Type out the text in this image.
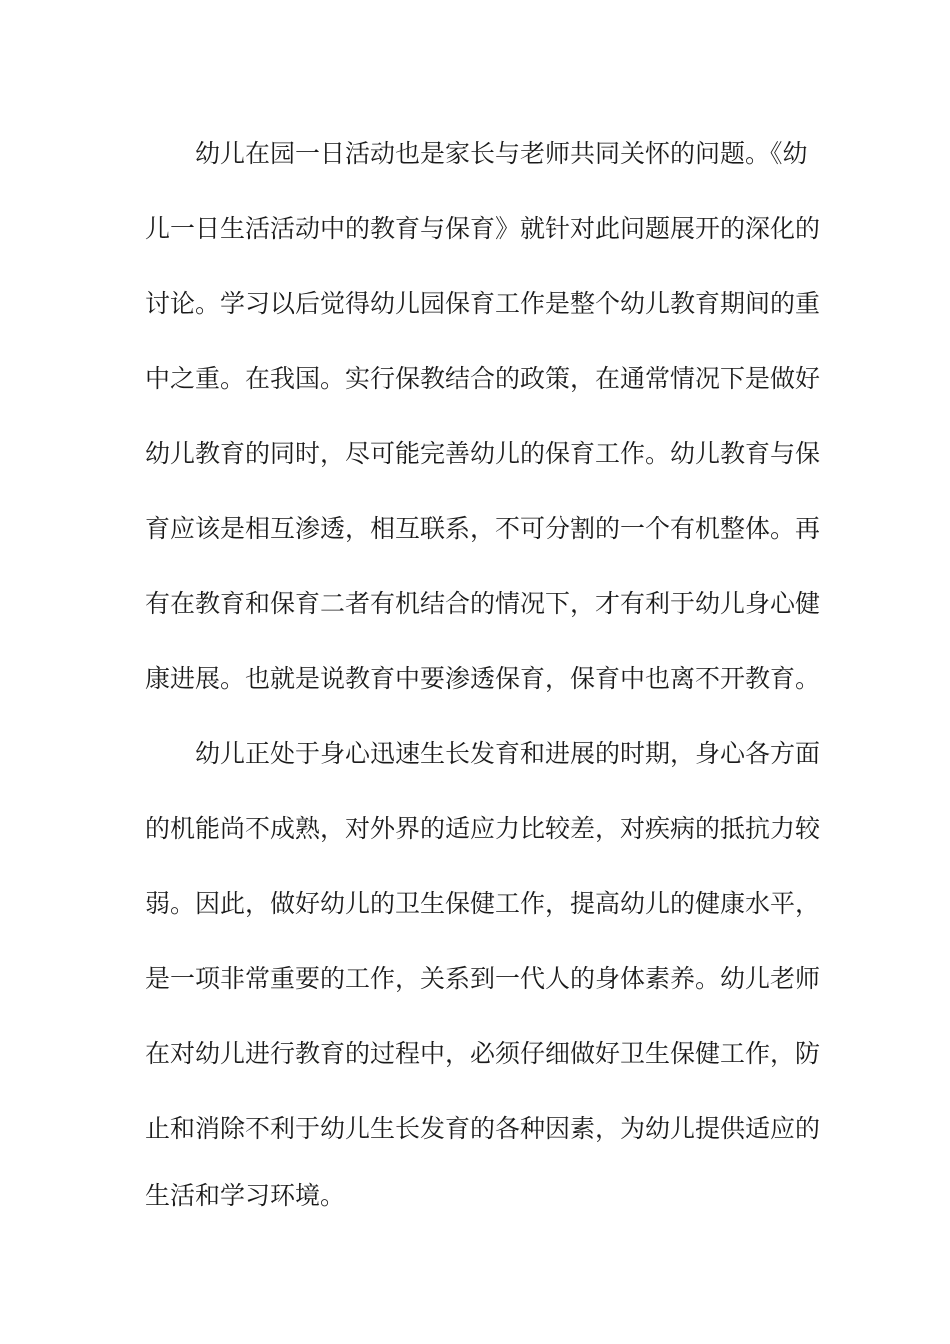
幼儿在园一日活动也是家长与老师共同关怀的问题。《幼
儿一日生活活动中的教育与保育》就针对此问题展开的深化的
讨论。学习以后觉得幼儿园保育工作是整个幼儿教育期间的重
中之重。在我国。实行保教结合的政策，在通常情况下是做好
幼儿教育的同时，尽可能完善幼儿的保育工作。幼儿教育与保
育应该是相互渗透，相互联系，不可分割的一个有机整体。再
有在教育和保育二者有机结合的情况下，才有利于幼儿身心健
康进展。也就是说教育中要渗透保育，保育中也离不开教育。
幼儿正处于身心迅速生长发育和进展的时期，身心各方面
的机能尚不成熟，对外界的适应力比较差，对疾病的抵抗力较
弱。因此，做好幼儿的卫生保健工作，提高幼儿的健康水平，
是一项非常重要的工作，关系到一代人的身体素养。幼儿老师
在对幼儿进行教育的过程中，必须仔细做好卫生保健工作，防
止和消除不利于幼儿生长发育的各种因素，为幼儿提供适应的
生活和学习环境。
